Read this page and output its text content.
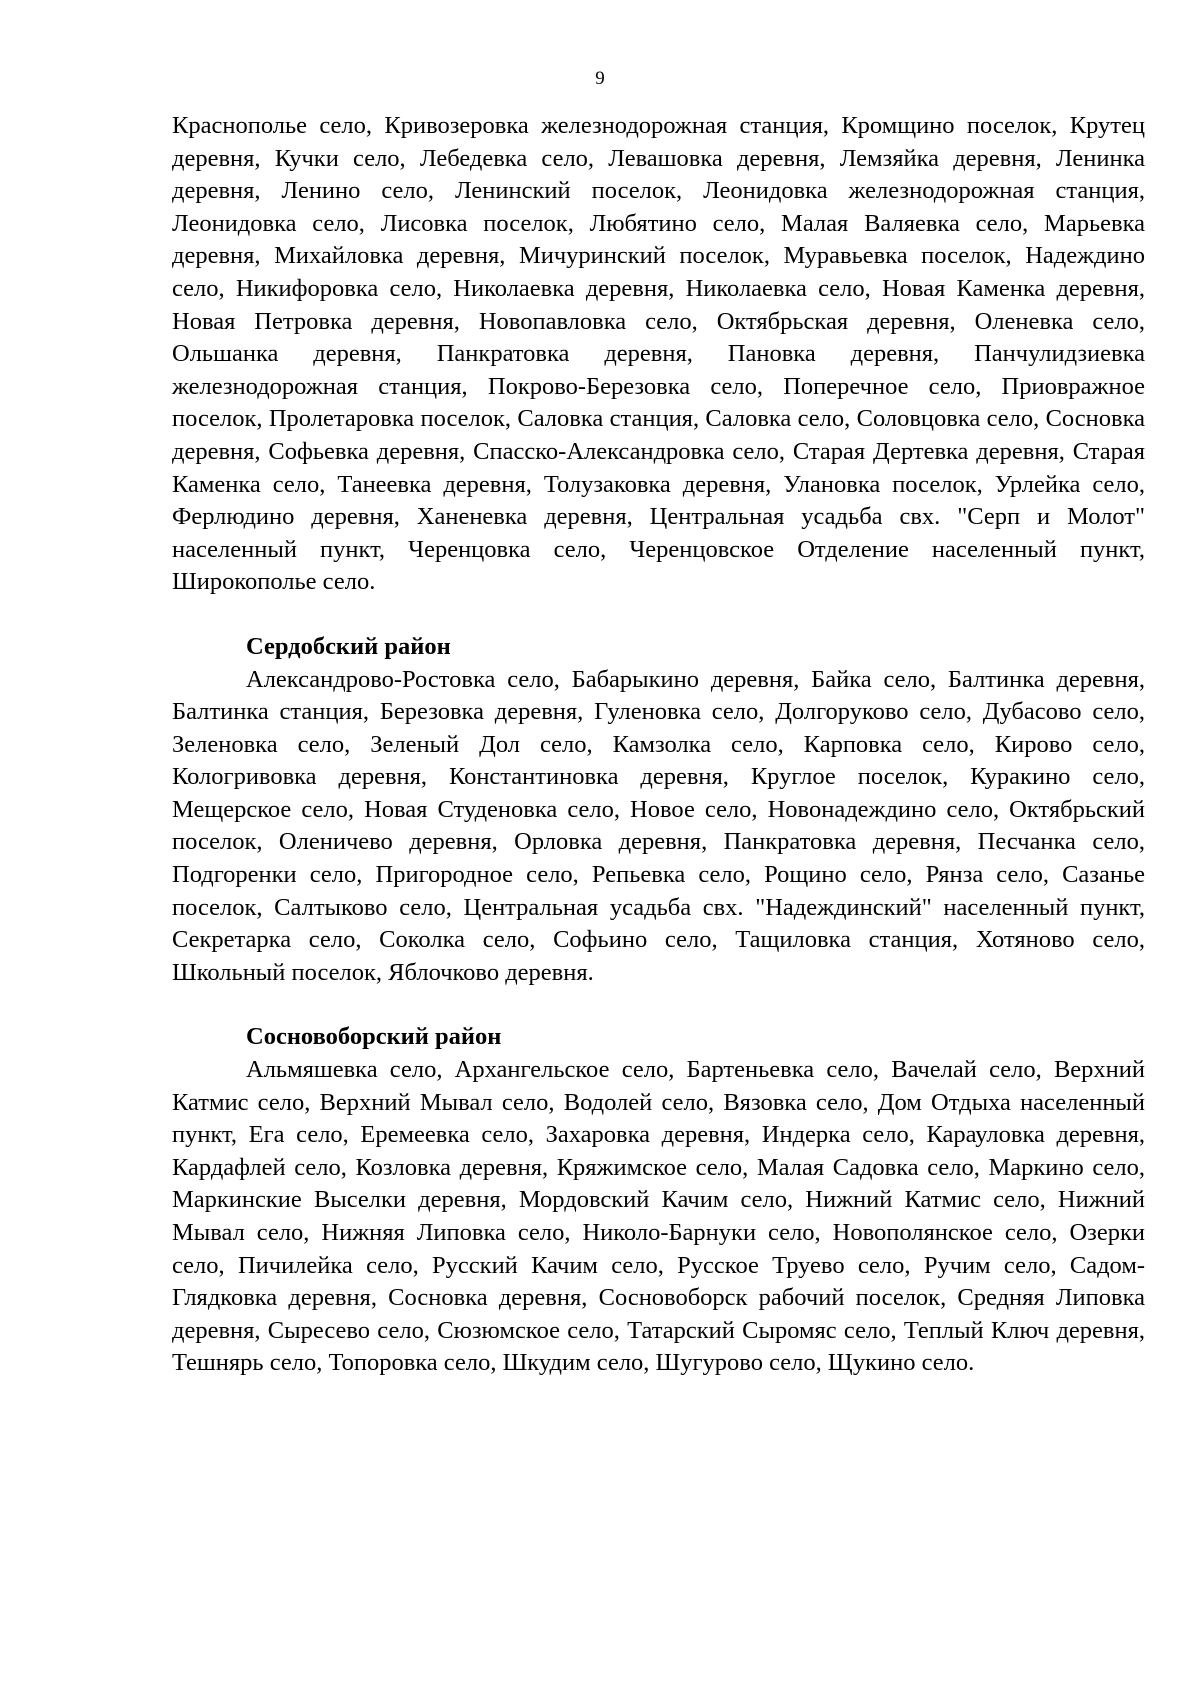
9

Краснополье село, Кривозеровка железнодорожная станция, Кромщино поселок, Крутец деревня, Кучки село, Лебедевка село, Левашовка деревня, Лемзяйка деревня, Ленинка деревня, Ленино село, Ленинский поселок, Леонидовка железнодорожная станция, Леонидовка село, Лисовка поселок, Любятино село, Малая Валяевка село, Марьевка деревня, Михайловка деревня, Мичуринский поселок, Муравьевка поселок, Надеждино село, Никифоровка село, Николаевка деревня, Николаевка село, Новая Каменка деревня, Новая Петровка деревня, Новопавловка село, Октябрьская деревня, Оленевка село, Ольшанка деревня, Панкратовка деревня, Пановка деревня, Панчулидзиевка железнодорожная станция, Покрово-Березовка село, Поперечное село, Приовражное поселок, Пролетаровка поселок, Саловка станция, Саловка село, Соловцовка село, Сосновка деревня, Софьевка деревня, Спасско-Александровка село, Старая Дертевка деревня, Старая Каменка село, Танеевка деревня, Толузаковка деревня, Улановка поселок, Урлейка село, Ферлюдино деревня, Ханеневка деревня, Центральная усадьба свх. "Серп и Молот" населенный пункт, Черенцовка село, Черенцовское Отделение населенный пункт, Широкополье село.

Сердобский район

Александрово-Ростовка село, Бабарыкино деревня, Байка село, Балтинка деревня, Балтинка станция, Березовка деревня, Гуленовка село, Долгоруково село, Дубасово село, Зеленовка село, Зеленый Дол село, Камзолка село, Карповка село, Кирово село, Кологривовка деревня, Константиновка деревня, Круглое поселок, Куракино село, Мещерское село, Новая Студеновка село, Новое село, Новонадеждино село, Октябрьский поселок, Оленичево деревня, Орловка деревня, Панкратовка деревня, Песчанка село, Подгоренки село, Пригородное село, Репьевка село, Рощино село, Рянза село, Сазанье поселок, Салтыково село, Центральная усадьба свх. "Надеждинский" населенный пункт, Секретарка село, Соколка село, Софьино село, Тащиловка станция, Хотяново село, Школьный поселок, Яблочково деревня.

Сосновоборский район

Альмяшевка село, Архангельское село, Бартеньевка село, Вачелай село, Верхний Катмис село, Верхний Мывал село, Водолей село, Вязовка село, Дом Отдыха населенный пункт, Ега село, Еремеевка село, Захаровка деревня, Индерка село, Карауловка деревня, Кардафлей село, Козловка деревня, Кряжимское село, Малая Садовка село, Маркино село, Маркинские Выселки деревня, Мордовский Качим село, Нижний Катмис село, Нижний Мывал село, Нижняя Липовка село, Николо-Барнуки село, Новополянское село, Озерки село, Пичилейка село, Русский Качим село, Русское Труево село, Ручим село, Садом-Глядковка деревня, Сосновка деревня, Сосновоборск рабочий поселок, Средняя Липовка деревня, Сыресево село, Сюзюмское село, Татарский Сыромяс село, Теплый Ключ деревня, Тешнярь село, Топоровка село, Шкудим село, Шугурово село, Щукино село.
